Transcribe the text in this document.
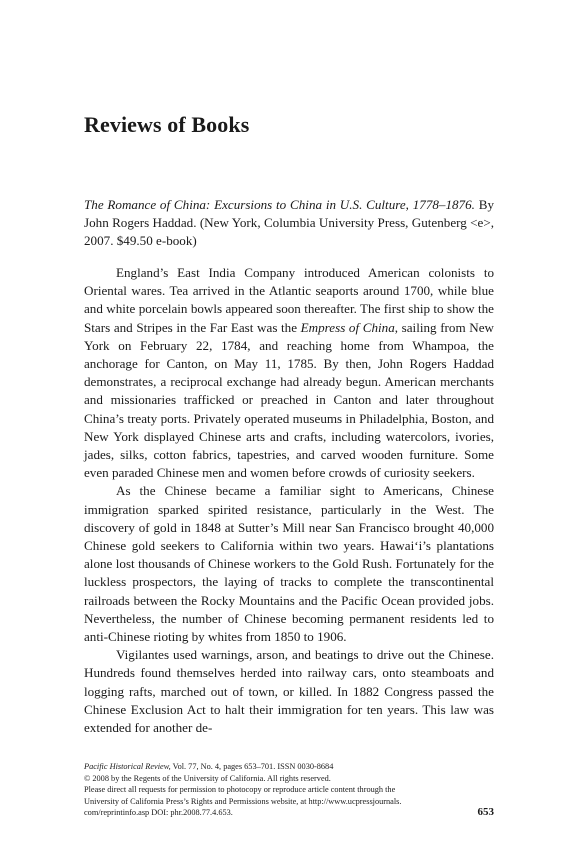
Reviews of Books

The Romance of China: Excursions to China in U.S. Culture, 1778–1876. By John Rogers Haddad. (New York, Columbia University Press, Gutenberg <e>, 2007. $49.50 e-book)

England’s East India Company introduced American colonists to Oriental wares. Tea arrived in the Atlantic seaports around 1700, while blue and white porcelain bowls appeared soon thereafter. The first ship to show the Stars and Stripes in the Far East was the Empress of China, sailing from New York on February 22, 1784, and reaching home from Whampoa, the anchorage for Canton, on May 11, 1785. By then, John Rogers Haddad demonstrates, a reciprocal exchange had already begun. American merchants and missionaries trafficked or preached in Canton and later throughout China’s treaty ports. Privately operated museums in Philadelphia, Boston, and New York displayed Chinese arts and crafts, including watercolors, ivories, jades, silks, cotton fabrics, tapestries, and carved wooden furniture. Some even paraded Chinese men and women before crowds of curiosity seekers.

As the Chinese became a familiar sight to Americans, Chinese immigration sparked spirited resistance, particularly in the West. The discovery of gold in 1848 at Sutter’s Mill near San Francisco brought 40,000 Chinese gold seekers to California within two years. Hawai‘i’s plantations alone lost thousands of Chinese workers to the Gold Rush. Fortunately for the luckless prospectors, the laying of tracks to complete the transcontinental railroads between the Rocky Mountains and the Pacific Ocean provided jobs. Nevertheless, the number of Chinese becoming permanent residents led to anti-Chinese rioting by whites from 1850 to 1906.

Vigilantes used warnings, arson, and beatings to drive out the Chinese. Hundreds found themselves herded into railway cars, onto steamboats and logging rafts, marched out of town, or killed. In 1882 Congress passed the Chinese Exclusion Act to halt their immigration for ten years. This law was extended for another de-

Pacific Historical Review, Vol. 77, No. 4, pages 653–701. ISSN 0030-8684
© 2008 by the Regents of the University of California. All rights reserved.
Please direct all requests for permission to photocopy or reproduce article content through the
University of California Press’s Rights and Permissions website, at http://www.ucpressjournals.
com/reprintinfo.asp DOI: phr.2008.77.4.653.	653
